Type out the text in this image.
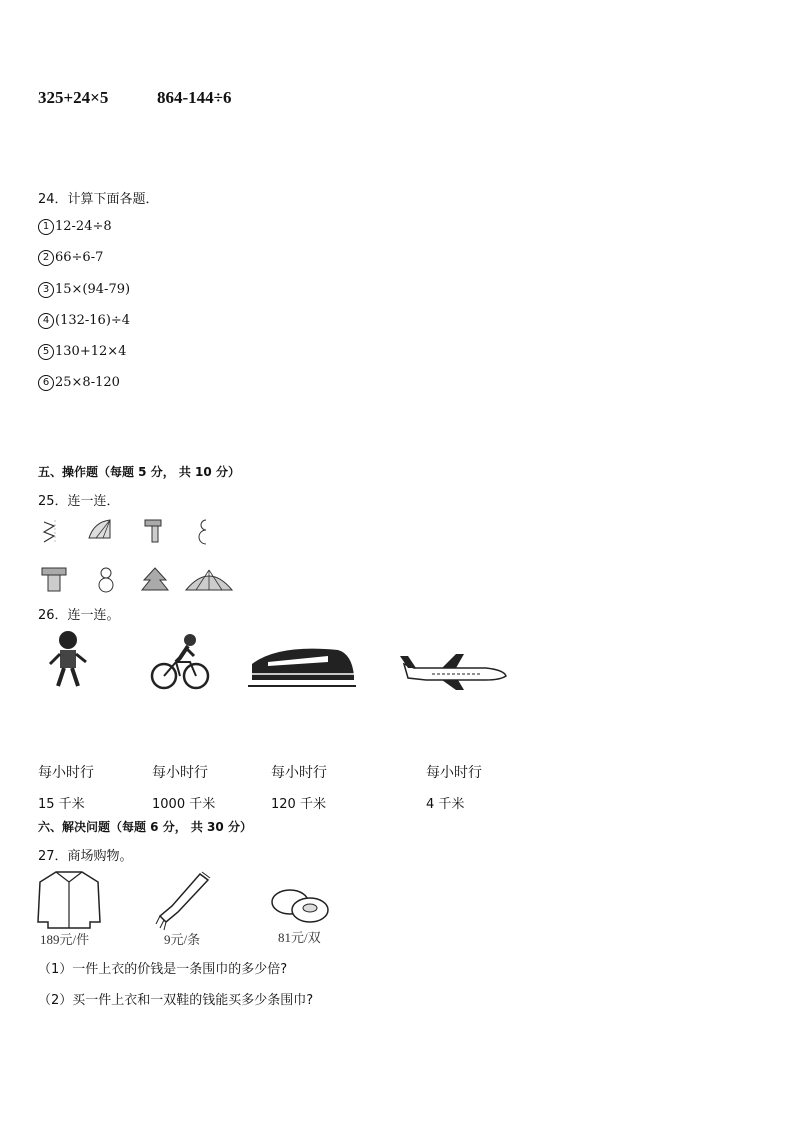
325+24×5	864-144÷6
24．计算下面各题．
1 12-24÷8
2 66÷6-7
3 15×(94-79)
4 (132-16)÷4
5 130+12×4
6 25×8-120
五、操作题（每题 5 分， 共 10 分）
25．连一连．
26．连一连。
每小时行	每小时行	每小时行	每小时行
15 千米	1000 千米	120 千米	4 千米
六、解决问题（每题 6 分， 共 30 分）
27．商场购物。
189元/件	9元/条	81元/双
（1）一件上衣的价钱是一条围巾的多少倍?
（2）买一件上衣和一双鞋的钱能买多少条围巾?
